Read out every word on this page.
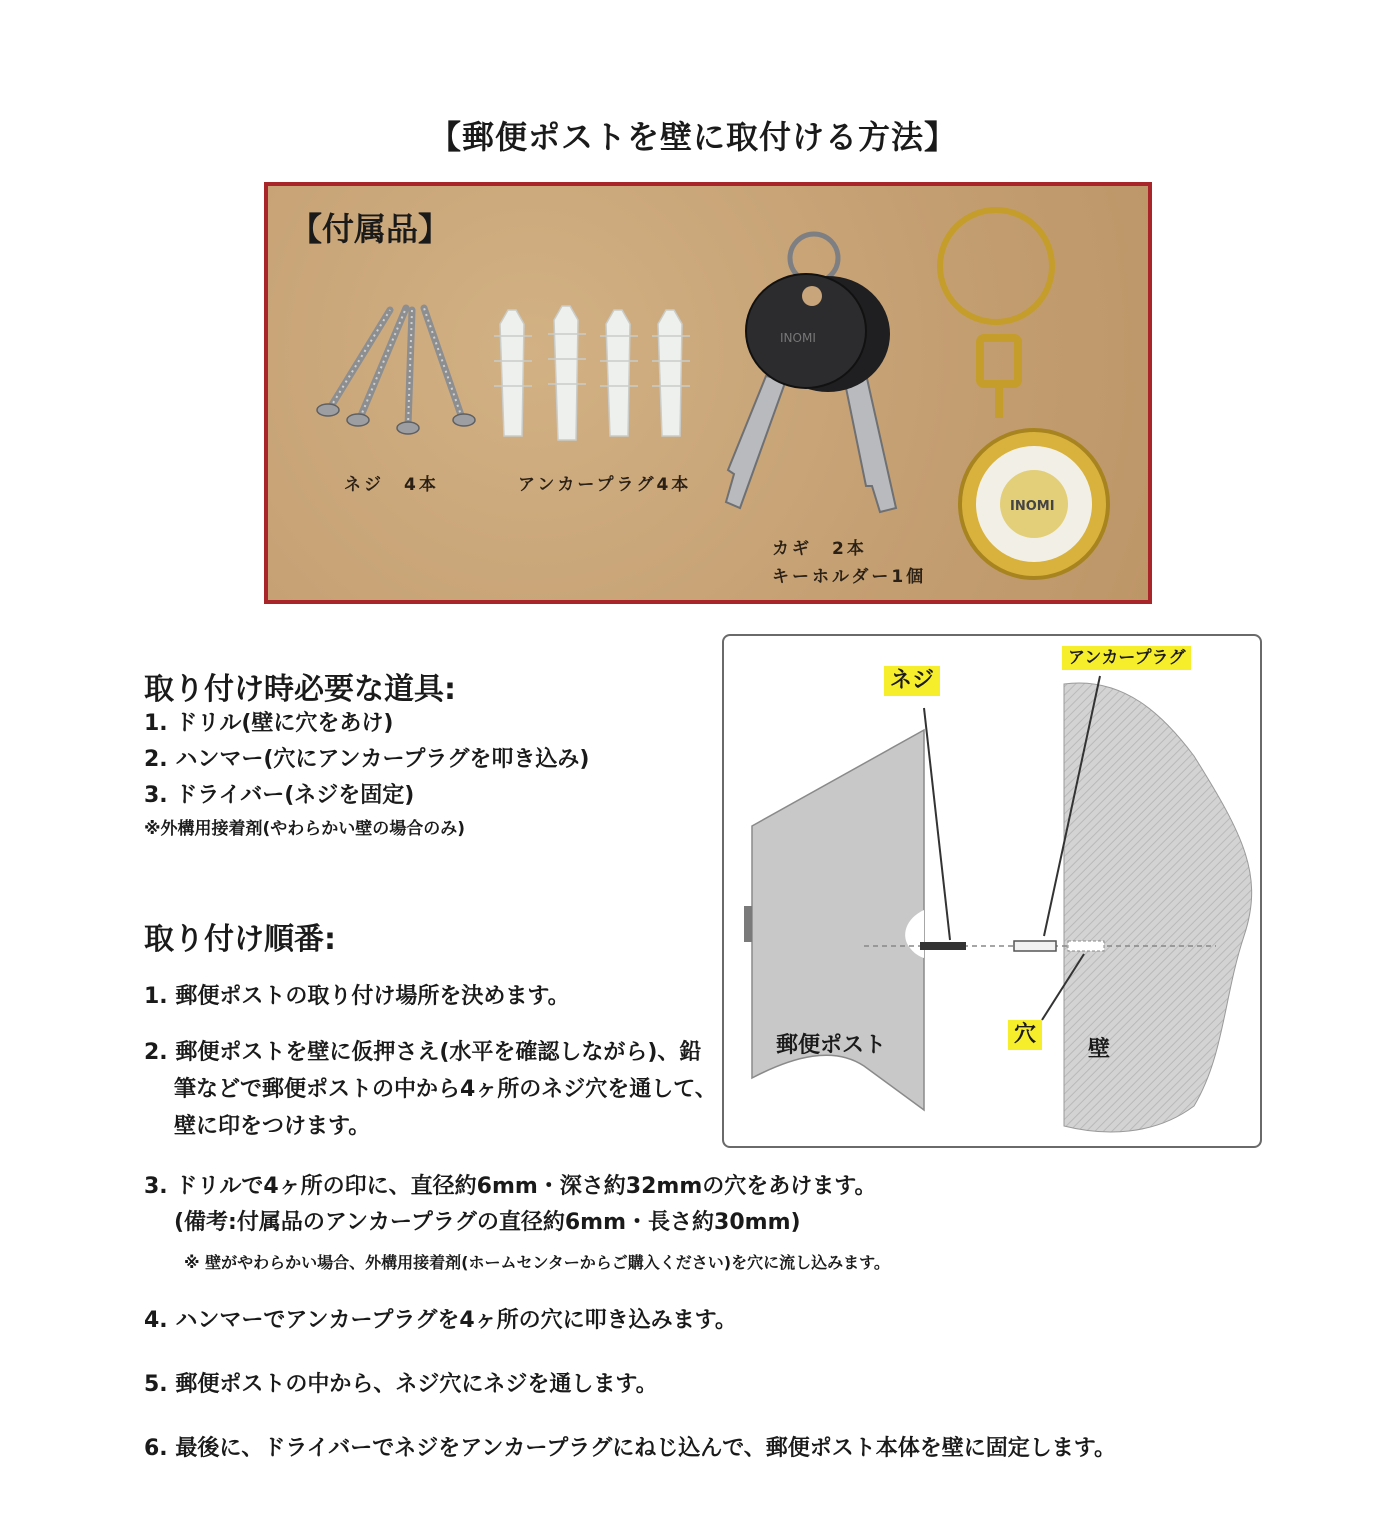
【郵便ポストを壁に取付ける方法】
【付属品】
INOMI
INOMI
ネジ　4本	アンカープラグ4本
カギ　2本
キーホルダー1個
取り付け時必要な道具:
1. ドリル(壁に穴をあけ)
2. ハンマー(穴にアンカープラグを叩き込み)
3. ドライバー(ネジを固定)
※外構用接着剤(やわらかい壁の場合のみ)
取り付け順番:
1. 郵便ポストの取り付け場所を決めます。
2. 郵便ポストを壁に仮押さえ(水平を確認しながら)、鉛筆などで郵便ポストの中から4ヶ所のネジ穴を通して、壁に印をつけます。
3. ドリルで4ヶ所の印に、直径約6mm・深さ約32mmの穴をあけます。
(備考:付属品のアンカープラグの直径約6mm・長さ約30mm)
※ 壁がやわらかい場合、外構用接着剤(ホームセンターからご購入ください)を穴に流し込みます。
4. ハンマーでアンカープラグを4ヶ所の穴に叩き込みます。
5. 郵便ポストの中から、ネジ穴にネジを通します。
6. 最後に、ドライバーでネジをアンカープラグにねじ込んで、郵便ポスト本体を壁に固定します。
ネジ
アンカープラグ
穴
郵便ポスト	壁
